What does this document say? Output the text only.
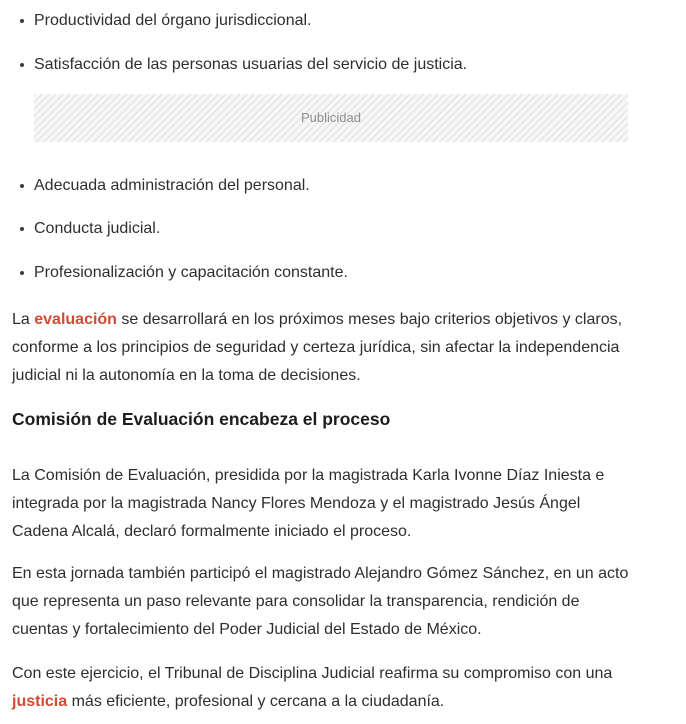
Productividad del órgano jurisdiccional.
Satisfacción de las personas usuarias del servicio de justicia.
Publicidad
Adecuada administración del personal.
Conducta judicial.
Profesionalización y capacitación constante.

La evaluación se desarrollará en los próximos meses bajo criterios objetivos y claros,
conforme a los principios de seguridad y certeza jurídica, sin afectar la independencia
judicial ni la autonomía en la toma de decisiones.

Comisión de Evaluación encabeza el proceso

La Comisión de Evaluación, presidida por la magistrada Karla Ivonne Díaz Iniesta e
integrada por la magistrada Nancy Flores Mendoza y el magistrado Jesús Ángel
Cadena Alcalá, declaró formalmente iniciado el proceso.

En esta jornada también participó el magistrado Alejandro Gómez Sánchez, en un acto
que representa un paso relevante para consolidar la transparencia, rendición de
cuentas y fortalecimiento del Poder Judicial del Estado de México.

Con este ejercicio, el Tribunal de Disciplina Judicial reafirma su compromiso con una
justicia más eficiente, profesional y cercana a la ciudadanía.
